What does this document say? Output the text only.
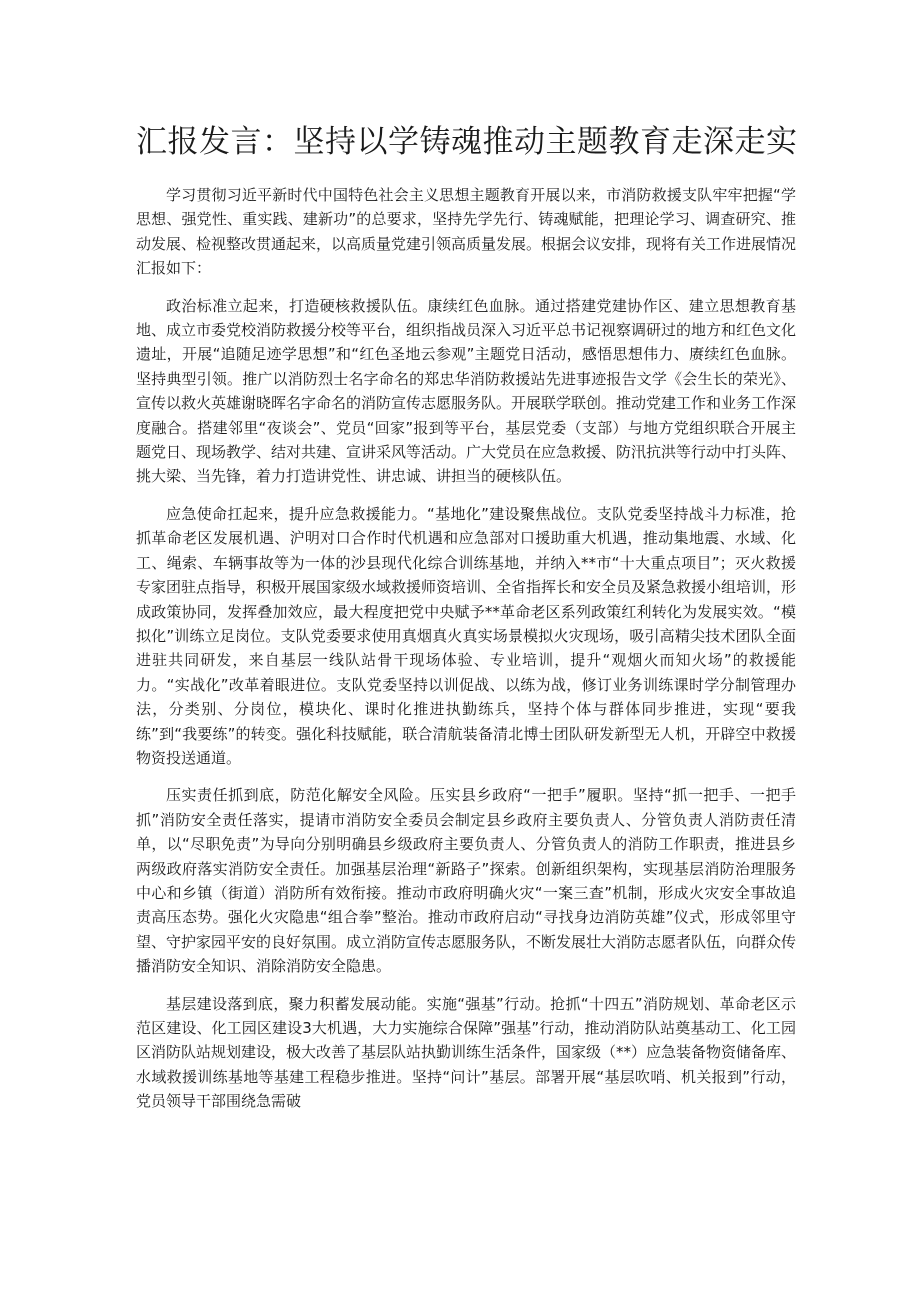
汇报发言：坚持以学铸魂推动主题教育走深走实

学习贯彻习近平新时代中国特色社会主义思想主题教育开展以来，市消防救援支队牢牢把握“学思想、强党性、重实践、建新功”的总要求，坚持先学先行、铸魂赋能，把理论学习、调查研究、推动发展、检视整改贯通起来，以高质量党建引领高质量发展。根据会议安排，现将有关工作进展情况汇报如下：

政治标准立起来，打造硬核救援队伍。康续红色血脉。通过搭建党建协作区、建立思想教育基地、成立市委党校消防救援分校等平台，组织指战员深入习近平总书记视察调研过的地方和红色文化遗址，开展“追随足迹学思想”和“红色圣地云参观”主题党日活动，感悟思想伟力、赓续红色血脉。坚持典型引领。推广以消防烈士名字命名的郑忠华消防救援站先进事迹报告文学《会生长的荣光》、宣传以救火英雄谢晓晖名字命名的消防宣传志愿服务队。开展联学联创。推动党建工作和业务工作深度融合。搭建邻里“夜谈会”、党员“回家”报到等平台，基层党委（支部）与地方党组织联合开展主题党日、现场教学、结对共建、宣讲采风等活动。广大党员在应急救援、防汛抗洪等行动中打头阵、挑大梁、当先锋，着力打造讲党性、讲忠诚、讲担当的硬核队伍。

应急使命扛起来，提升应急救援能力。“基地化”建设聚焦战位。支队党委坚持战斗力标准，抢抓革命老区发展机遇、沪明对口合作时代机遇和应急部对口援助重大机遇，推动集地震、水域、化工、绳索、车辆事故等为一体的沙县现代化综合训练基地，并纳入**市“十大重点项目”；灭火救援专家团驻点指导，积极开展国家级水域救援师资培训、全省指挥长和安全员及紧急救援小组培训，形成政策协同，发挥叠加效应，最大程度把党中央赋予**革命老区系列政策红利转化为发展实效。“模拟化”训练立足岗位。支队党委要求使用真烟真火真实场景模拟火灾现场，吸引高精尖技术团队全面进驻共同研发，来自基层一线队站骨干现场体验、专业培训，提升“观烟火而知火场”的救援能力。“实战化”改革着眼进位。支队党委坚持以训促战、以练为战，修订业务训练课时学分制管理办法，分类别、分岗位，模块化、课时化推进执勤练兵，坚持个体与群体同步推进，实现“要我练”到“我要练”的转变。强化科技赋能，联合清航装备清北博士团队研发新型无人机，开辟空中救援物资投送通道。

压实责任抓到底，防范化解安全风险。压实县乡政府“一把手”履职。坚持“抓一把手、一把手抓”消防安全责任落实，提请市消防安全委员会制定县乡政府主要负责人、分管负责人消防责任清单，以“尽职免责”为导向分别明确县乡级政府主要负责人、分管负责人的消防工作职责，推进县乡两级政府落实消防安全责任。加强基层治理“新路子”探索。创新组织架构，实现基层消防治理服务中心和乡镇（街道）消防所有效衔接。推动市政府明确火灾“一案三查”机制，形成火灾安全事故追责高压态势。强化火灾隐患“组合拳”整治。推动市政府启动“寻找身边消防英雄”仪式，形成邻里守望、守护家园平安的良好氛围。成立消防宣传志愿服务队，不断发展壮大消防志愿者队伍，向群众传播消防安全知识、消除消防安全隐患。

基层建设落到底，聚力积蓄发展动能。实施“强基”行动。抢抓“十四五”消防规划、革命老区示范区建设、化工园区建设3大机遇，大力实施综合保障”强基”行动，推动消防队站奠基动工、化工园区消防队站规划建设，极大改善了基层队站执勤训练生活条件，国家级（**）应急装备物资储备库、水域救援训练基地等基建工程稳步推进。坚持“问计”基层。部署开展“基层吹哨、机关报到”行动，党员领导干部围绕急需破
